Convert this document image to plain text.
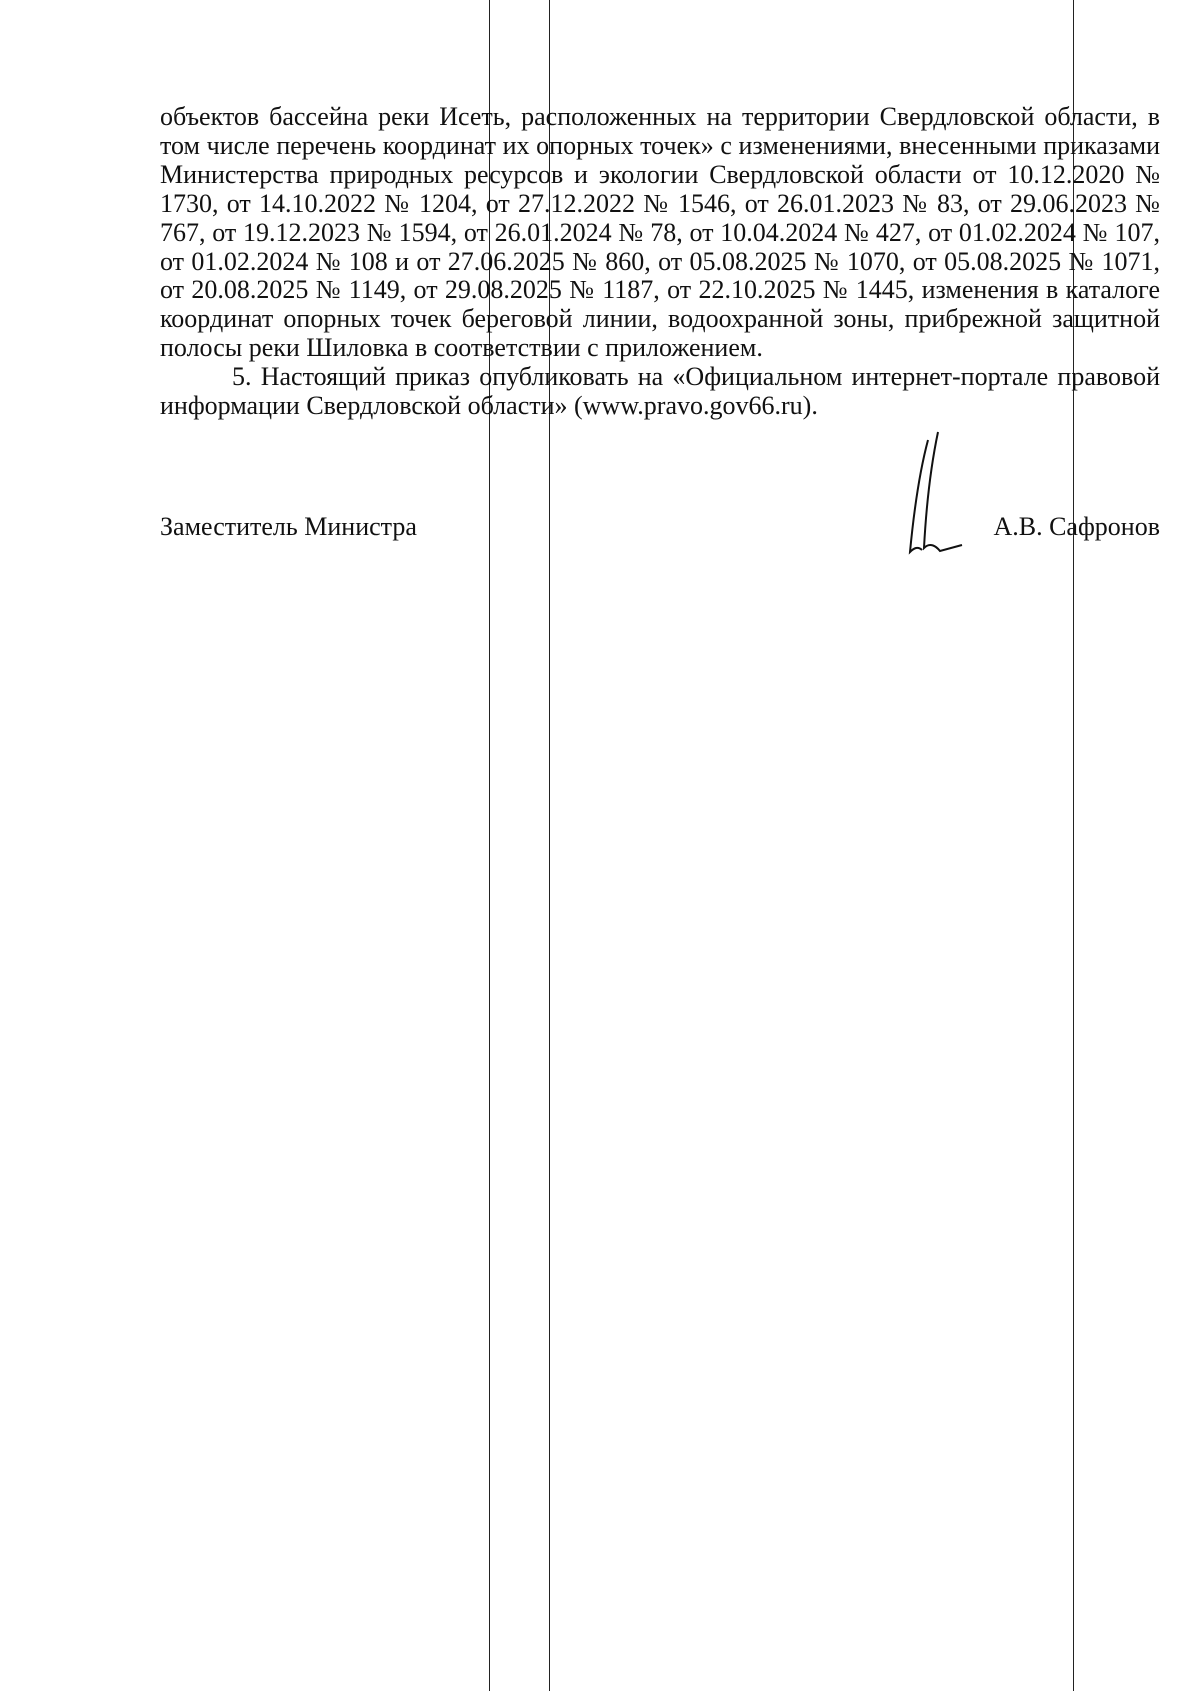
объектов бассейна реки Исеть, расположенных на территории Свердловской области, в том числе перечень координат их опорных точек» с изменениями, внесенными приказами Министерства природных ресурсов и экологии Свердловской области от 10.12.2020 № 1730, от 14.10.2022 № 1204, от 27.12.2022 № 1546, от 26.01.2023 № 83, от 29.06.2023 № 767, от 19.12.2023 № 1594, от 26.01.2024 № 78, от 10.04.2024 № 427, от 01.02.2024 № 107, от 01.02.2024 № 108 и от 27.06.2025 № 860, от 05.08.2025 № 1070, от 05.08.2025 № 1071, от 20.08.2025 № 1149, от 29.08.2025 № 1187, от 22.10.2025 № 1445, изменения в каталоге координат опорных точек береговой линии, водоохранной зоны, прибрежной защитной полосы реки Шиловка в соответствии с приложением.

5. Настоящий приказ опубликовать на «Официальном интернет-портале правовой информации Свердловской области» (www.pravo.gov66.ru).

Заместитель Министра	А.В. Сафронов
